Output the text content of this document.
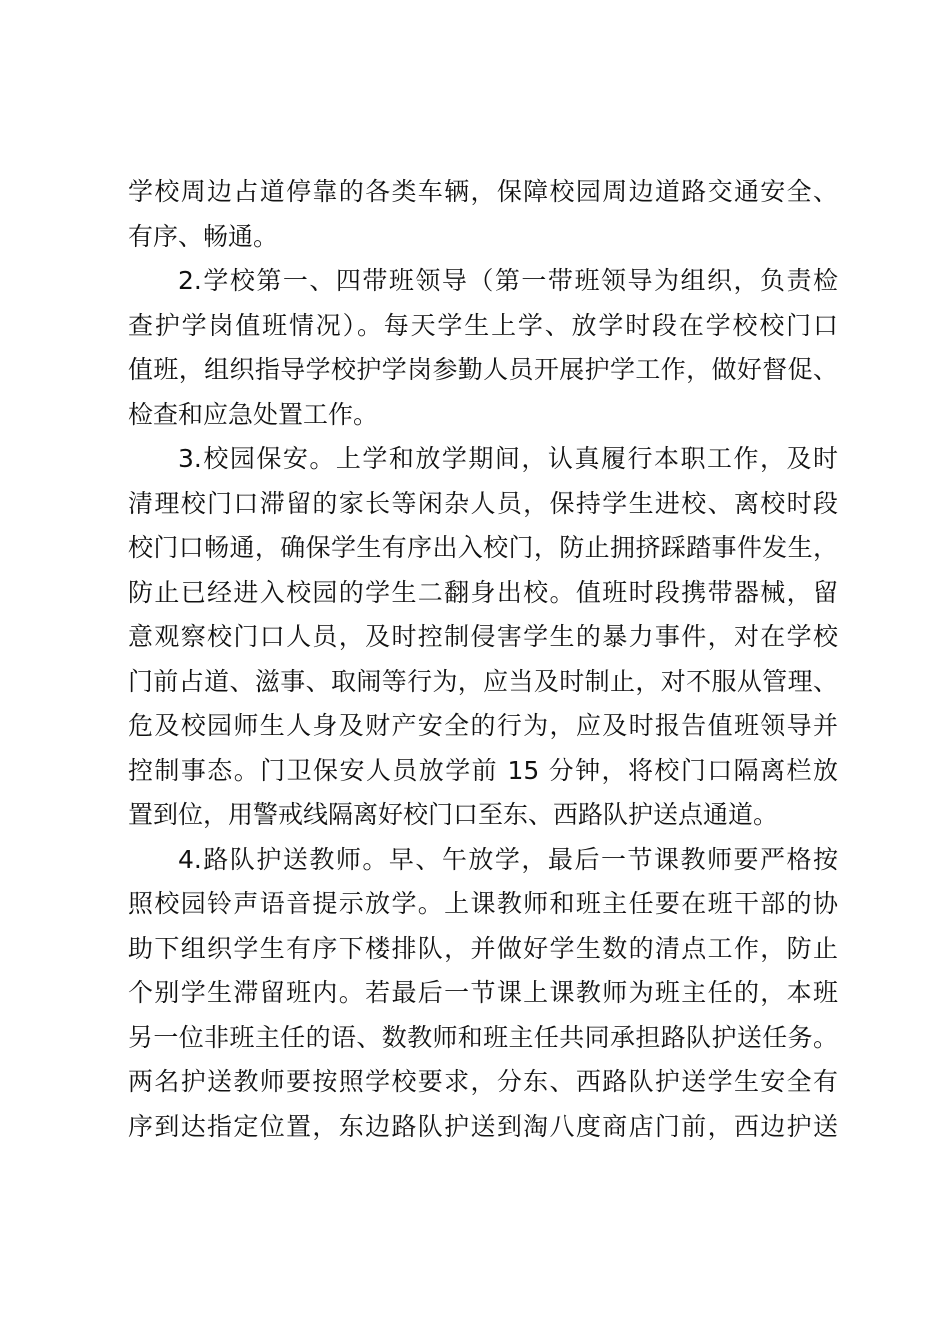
学校周边占道停靠的各类车辆，保障校园周边道路交通安全、
有序、畅通。
2.学校第一、四带班领导（第一带班领导为组织，负责检
查护学岗值班情况）。每天学生上学、放学时段在学校校门口
值班，组织指导学校护学岗参勤人员开展护学工作，做好督促、
检查和应急处置工作。
3.校园保安。上学和放学期间，认真履行本职工作，及时
清理校门口滞留的家长等闲杂人员，保持学生进校、离校时段
校门口畅通，确保学生有序出入校门，防止拥挤踩踏事件发生，
防止已经进入校园的学生二翻身出校。值班时段携带器械，留
意观察校门口人员，及时控制侵害学生的暴力事件，对在学校
门前占道、滋事、取闹等行为，应当及时制止，对不服从管理、
危及校园师生人身及财产安全的行为，应及时报告值班领导并
控制事态。门卫保安人员放学前 15 分钟，将校门口隔离栏放
置到位，用警戒线隔离好校门口至东、西路队护送点通道。
4.路队护送教师。早、午放学，最后一节课教师要严格按
照校园铃声语音提示放学。上课教师和班主任要在班干部的协
助下组织学生有序下楼排队，并做好学生数的清点工作，防止
个别学生滞留班内。若最后一节课上课教师为班主任的，本班
另一位非班主任的语、数教师和班主任共同承担路队护送任务。
两名护送教师要按照学校要求，分东、西路队护送学生安全有
序到达指定位置，东边路队护送到淘八度商店门前，西边护送
